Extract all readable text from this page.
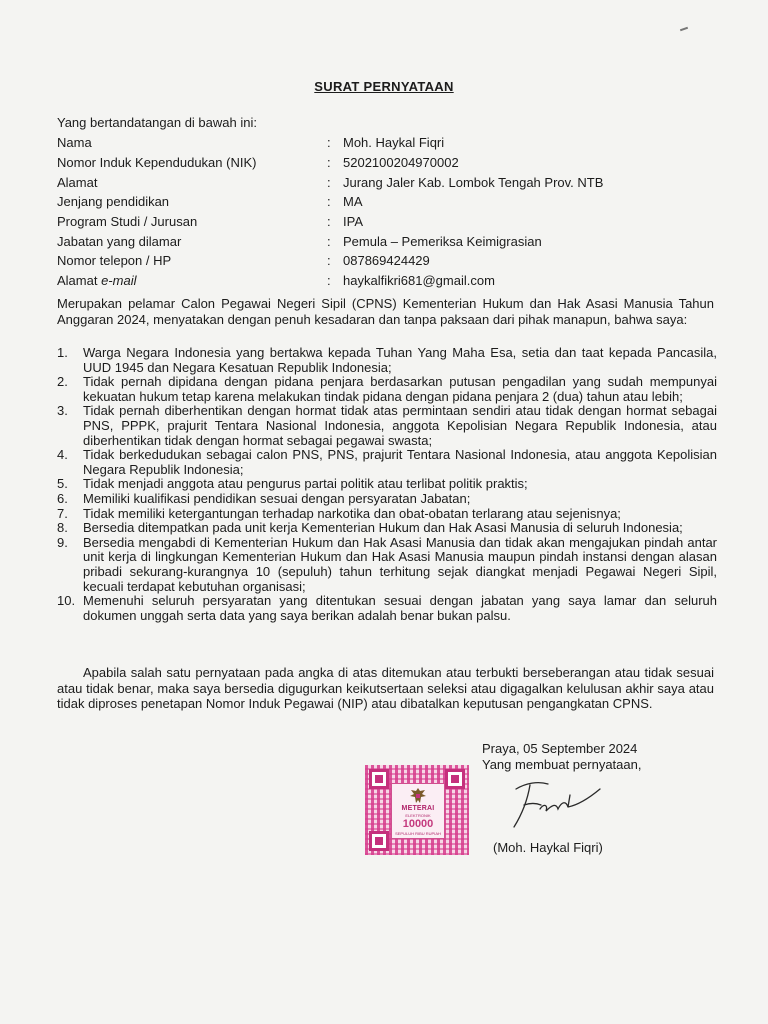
SURAT PERNYATAAN
Yang bertandatangan di bawah ini:
Nama	:	Moh. Haykal Fiqri
Nomor Induk Kependudukan (NIK)	:	5202100204970002
Alamat	:	Jurang Jaler Kab. Lombok Tengah Prov. NTB
Jenjang pendidikan	:	MA
Program Studi / Jurusan	:	IPA
Jabatan yang dilamar	:	Pemula – Pemeriksa Keimigrasian
Nomor telepon / HP	:	087869424429
Alamat e-mail	:	haykalfikri681@gmail.com
Merupakan pelamar Calon Pegawai Negeri Sipil (CPNS) Kementerian Hukum dan Hak Asasi Manusia Tahun Anggaran 2024, menyatakan dengan penuh kesadaran dan tanpa paksaan dari pihak manapun, bahwa saya:
1.	Warga Negara Indonesia yang bertakwa kepada Tuhan Yang Maha Esa, setia dan taat kepada Pancasila, UUD 1945 dan Negara Kesatuan Republik Indonesia;
2.	Tidak pernah dipidana dengan pidana penjara berdasarkan putusan pengadilan yang sudah mempunyai kekuatan hukum tetap karena melakukan tindak pidana dengan pidana penjara 2 (dua) tahun atau lebih;
3.	Tidak pernah diberhentikan dengan hormat tidak atas permintaan sendiri atau tidak dengan hormat sebagai PNS, PPPK, prajurit Tentara Nasional Indonesia, anggota Kepolisian Negara Republik Indonesia, atau diberhentikan tidak dengan hormat sebagai pegawai swasta;
4.	Tidak berkedudukan sebagai calon PNS, PNS, prajurit Tentara Nasional Indonesia, atau anggota Kepolisian Negara Republik Indonesia;
5.	Tidak menjadi anggota atau pengurus partai politik atau terlibat politik praktis;
6.	Memiliki kualifikasi pendidikan sesuai dengan persyaratan Jabatan;
7.	Tidak memiliki ketergantungan terhadap narkotika dan obat-obatan terlarang atau sejenisnya;
8.	Bersedia ditempatkan pada unit kerja Kementerian Hukum dan Hak Asasi Manusia di seluruh Indonesia;
9.	Bersedia mengabdi di Kementerian Hukum dan Hak Asasi Manusia dan tidak akan mengajukan pindah antar unit kerja di lingkungan Kementerian Hukum dan Hak Asasi Manusia maupun pindah instansi dengan alasan pribadi sekurang-kurangnya 10 (sepuluh) tahun terhitung sejak diangkat menjadi Pegawai Negeri Sipil, kecuali terdapat kebutuhan organisasi;
10. Memenuhi seluruh persyaratan yang ditentukan sesuai dengan jabatan yang saya lamar dan seluruh dokumen unggah serta data yang saya berikan adalah benar bukan palsu.
Apabila salah satu pernyataan pada angka di atas ditemukan atau terbukti berseberangan atau tidak sesuai atau tidak benar, maka saya bersedia digugurkan keikutsertaan seleksi atau digagalkan kelulusan akhir saya atau tidak diproses penetapan Nomor Induk Pegawai (NIP) atau dibatalkan keputusan pengangkatan CPNS.
Praya, 05 September 2024
Yang membuat pernyataan,
METERAI
ELEKTRONIK
10000
SEPULUH RIBU RUPIAH
(Moh. Haykal Fiqri)
